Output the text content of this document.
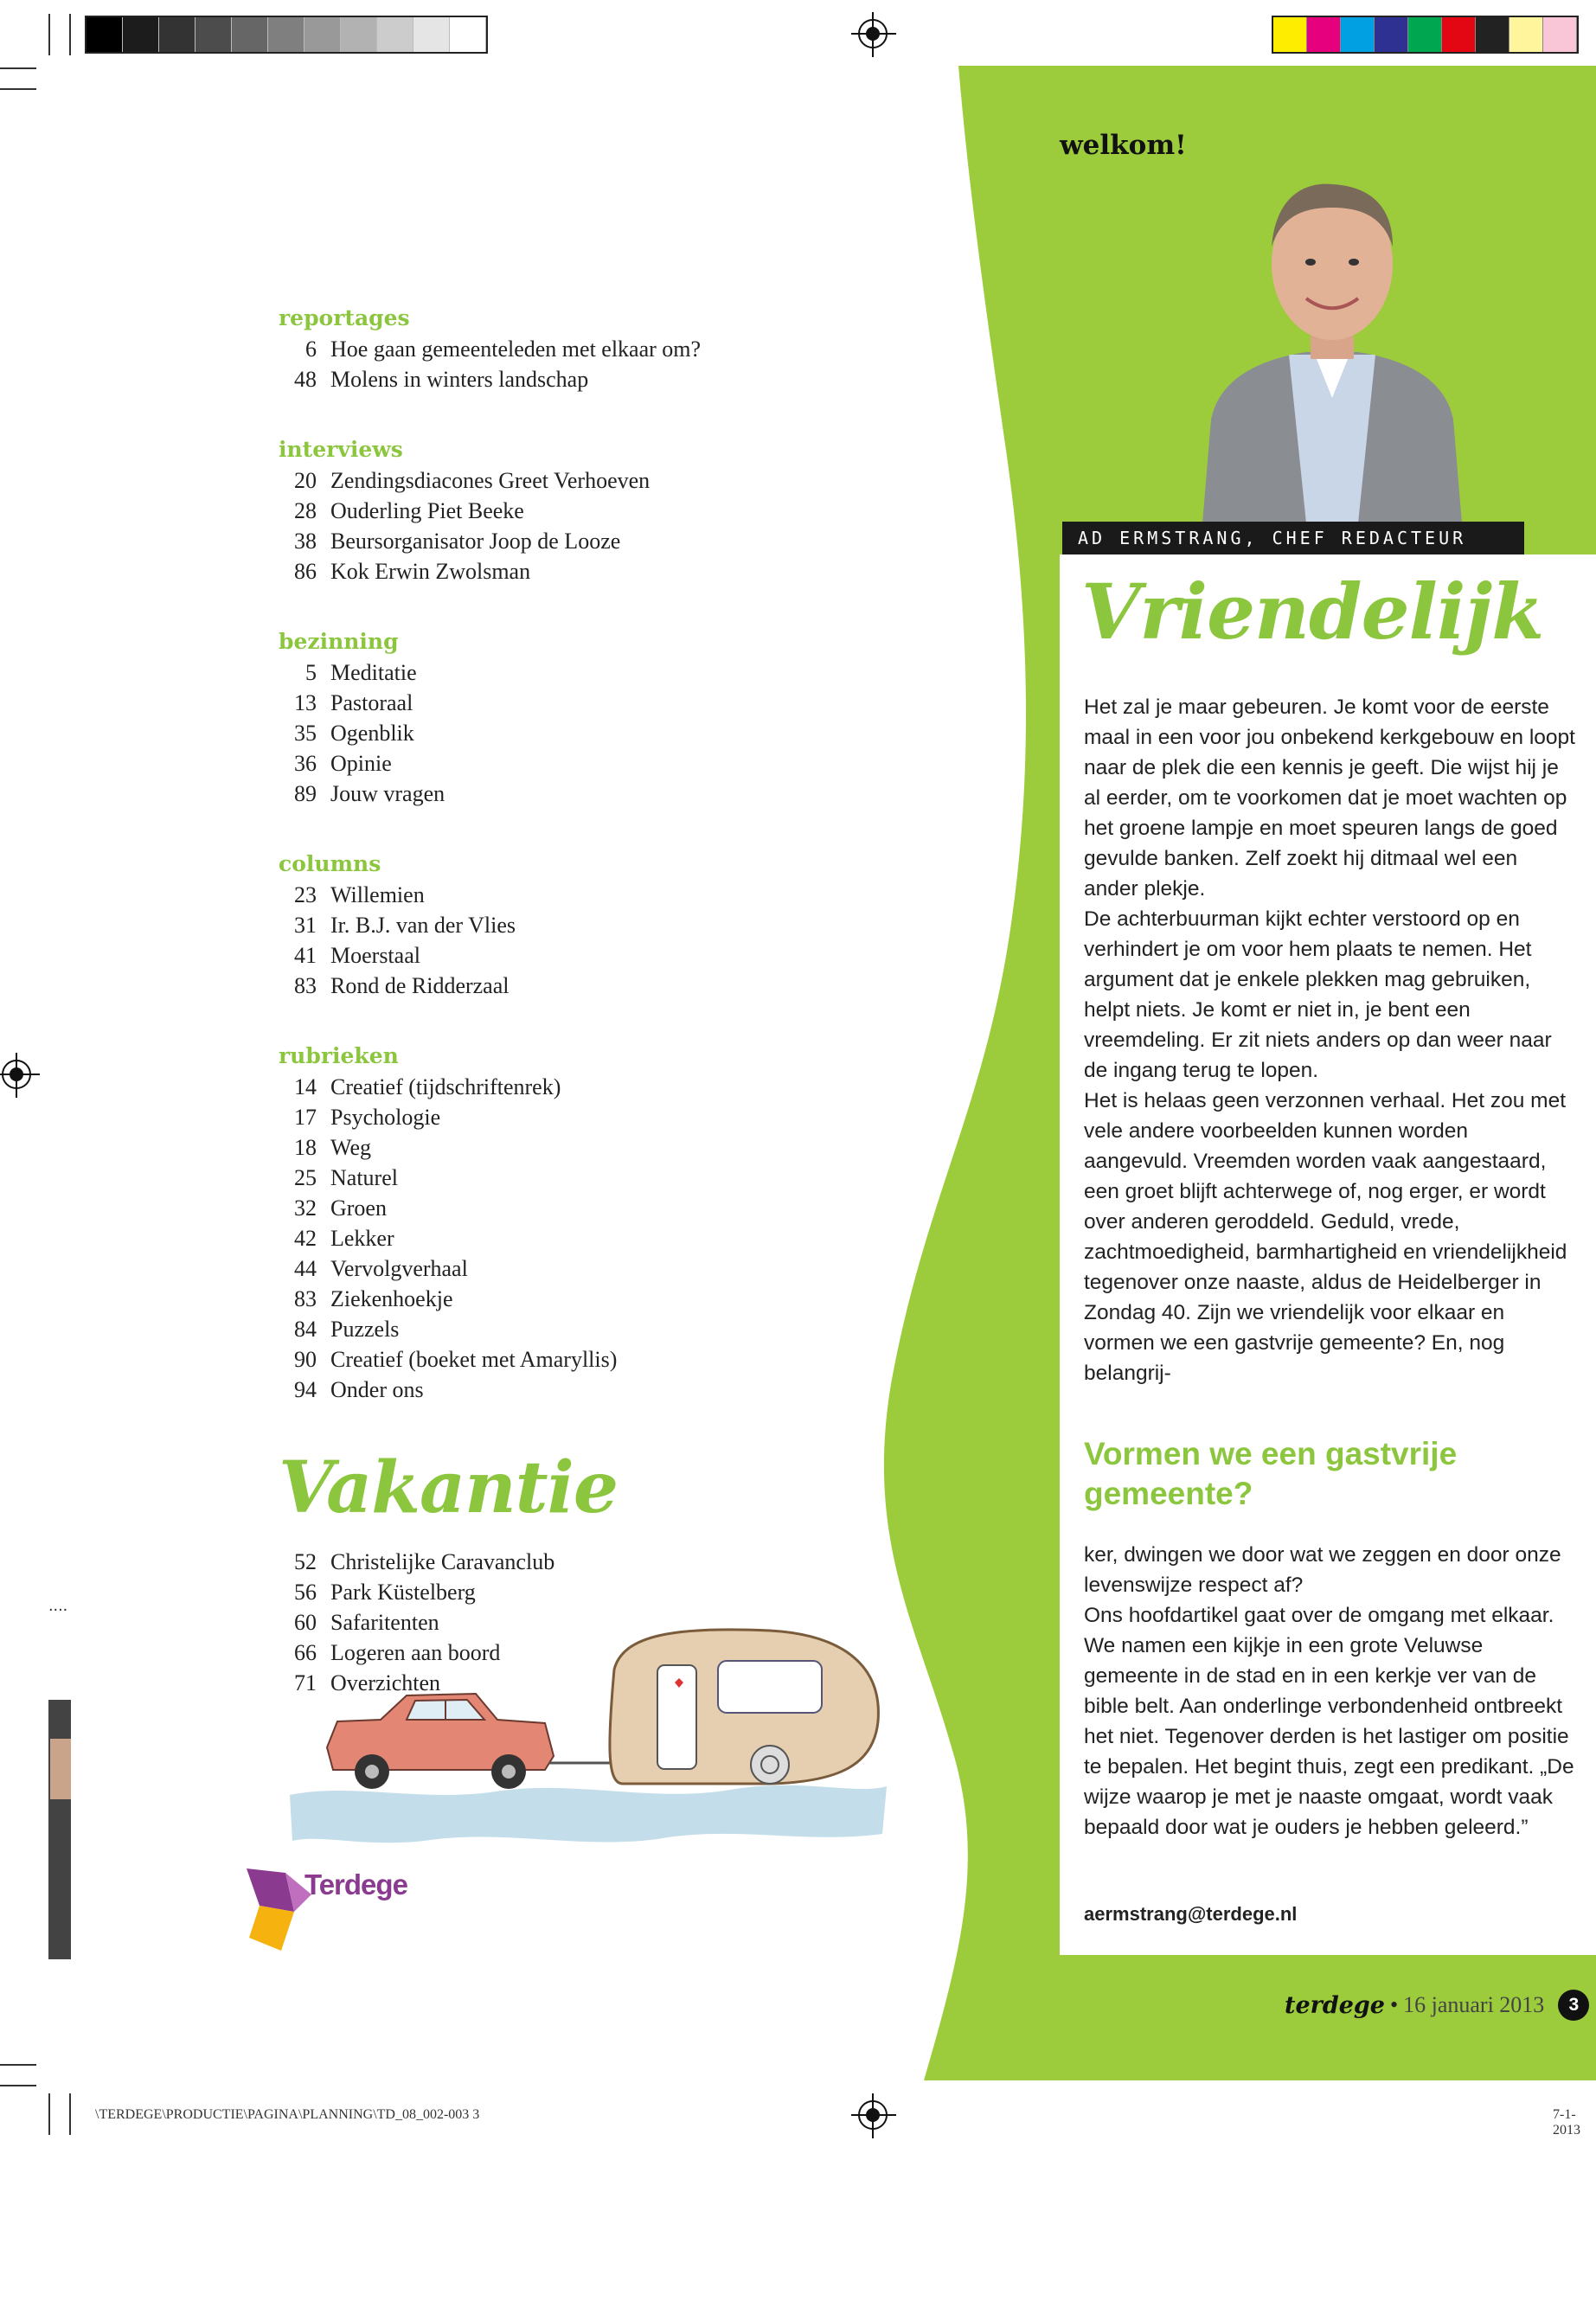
....
reportages
6 Hoe gaan gemeenteleden met elkaar om?
48 Molens in winters landschap
interviews
20 Zendingsdiacones Greet Verhoeven
28 Ouderling Piet Beeke
38 Beursorganisator Joop de Looze
86 Kok Erwin Zwolsman
bezinning
5 Meditatie
13 Pastoraal
35 Ogenblik
36 Opinie
89 Jouw vragen
columns
23 Willemien
31 Ir. B.J. van der Vlies
41 Moerstaal
83 Rond de Ridderzaal
rubrieken
14 Creatief (tijdschriftenrek)
17 Psychologie
18 Weg
25 Naturel
32 Groen
42 Lekker
44 Vervolgverhaal
83 Ziekenhoekje
84 Puzzels
90 Creatief (boeket met Amaryllis)
94 Onder ons
Vakantie
52 Christelijke Caravanclub
56 Park Küstelberg
60 Safaritenten
66 Logeren aan boord
71 Overzichten
Terdege
welkom!
AD ERMSTRANG, CHEF REDACTEUR
Vriendelijk

Het zal je maar gebeuren. Je komt voor de eerste maal in een voor jou onbekend kerkgebouw en loopt naar de plek die een kennis je geeft. Die wijst hij je al eerder, om te voorkomen dat je moet wachten op het groene lampje en moet speuren langs de goed gevulde banken. Zelf zoekt hij ditmaal wel een ander plekje.

De achterbuurman kijkt echter verstoord op en verhindert je om voor hem plaats te nemen. Het argument dat je enkele plekken mag gebruiken, helpt niets. Je komt er niet in, je bent een vreemdeling. Er zit niets anders op dan weer naar de ingang terug te lopen.

Het is helaas geen verzonnen verhaal. Het zou met vele andere voorbeelden kunnen worden aangevuld. Vreemden worden vaak aangestaard, een groet blijft achterwege of, nog erger, er wordt over anderen geroddeld. Geduld, vrede, zachtmoedigheid, barmhartigheid en vriendelijkheid tegenover onze naaste, aldus de Heidelberger in Zondag 40. Zijn we vriendelijk voor elkaar en vormen we een gastvrije gemeente? En, nog belangrij-

Vormen we een gastvrije gemeente?

ker, dwingen we door wat we zeggen en door onze levenswijze respect af?

Ons hoofdartikel gaat over de omgang met elkaar. We namen een kijkje in een grote Veluwse gemeente in de stad en in een kerkje ver van de bible belt. Aan onderlinge verbondenheid ontbreekt het niet. Tegenover derden is het lastiger om positie te bepalen. Het begint thuis, zegt een predikant. „De wijze waarop je met je naaste omgaat, wordt vaak bepaald door wat je ouders je hebben geleerd.”

aermstrang@terdege.nl
terdege • 16 januari 2013	3
\TERDEGE\PRODUCTIE\PAGINA\PLANNING\TD_08_002-003 3	7-1-2013
